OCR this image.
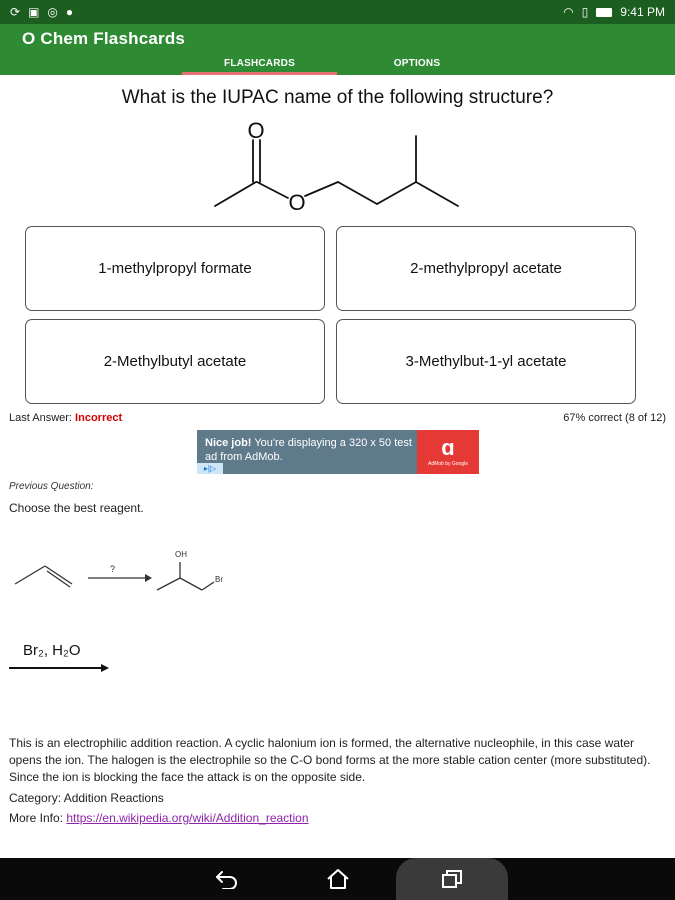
⟳ ▣ ◎ ●	◠ ▯	9:41 PM
O Chem Flashcards
FLASHCARDS	OPTIONS
What is the IUPAC name of the following structure?
O
O
1-methylpropyl formate	2-methylpropyl acetate
2-Methylbutyl acetate	3-Methylbut-1-yl acetate
Last Answer: Incorrect	67% correct (8 of 12)
Nice job! You're displaying a 320 x 50 test ad from AdMob.	ɑ
AdMob by Google
▸|▷
Previous Question:
Choose the best reagent.
?
OH
Br
Br₂, H₂O
This is an electrophilic addition reaction. A cyclic halonium ion is formed, the alternative nucleophile, in this case water opens the ion. The halogen is the electrophile so the C-O bond forms at the more stable cation center (more substituted). Since the ion is blocking the face the attack is on the opposite side.
Category: Addition Reactions
More Info: https://en.wikipedia.org/wiki/Addition_reaction
